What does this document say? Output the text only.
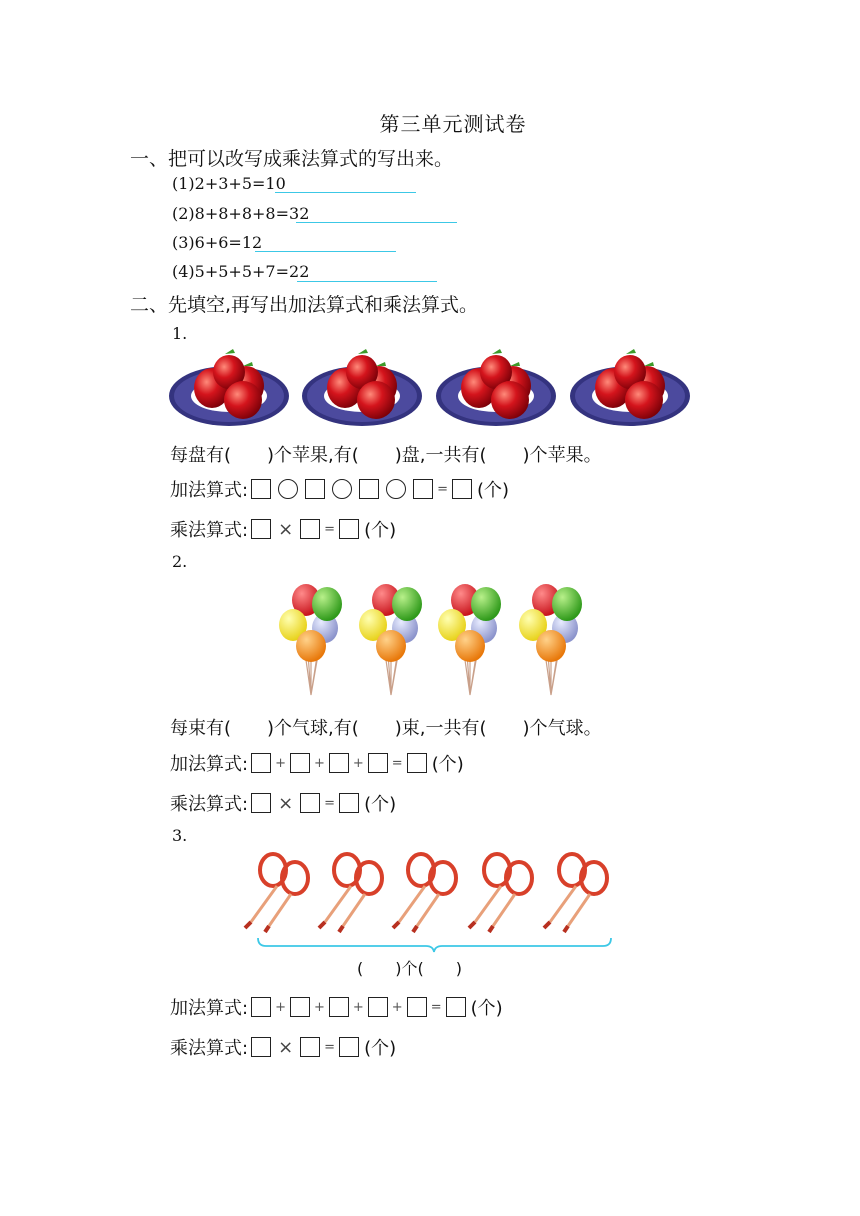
第三单元测试卷
一、把可以改写成乘法算式的写出来。
(1)2+3+5=10
(2)8+8+8+8=32
(3)6+6=12
(4)5+5+5+7=22
二、先填空,再写出加法算式和乘法算式。
1.
每盘有(　　)个苹果,有(　　)盘,一共有(　　)个苹果。
加法算式:	= (个)
乘法算式: × = (个)
2.
每束有(　　)个气球,有(　　)束,一共有(　　)个气球。
加法算式: + + + = (个)
乘法算式: × = (个)
3.
(　　)个(　　)
加法算式: + + + + = (个)
乘法算式: × = (个)
